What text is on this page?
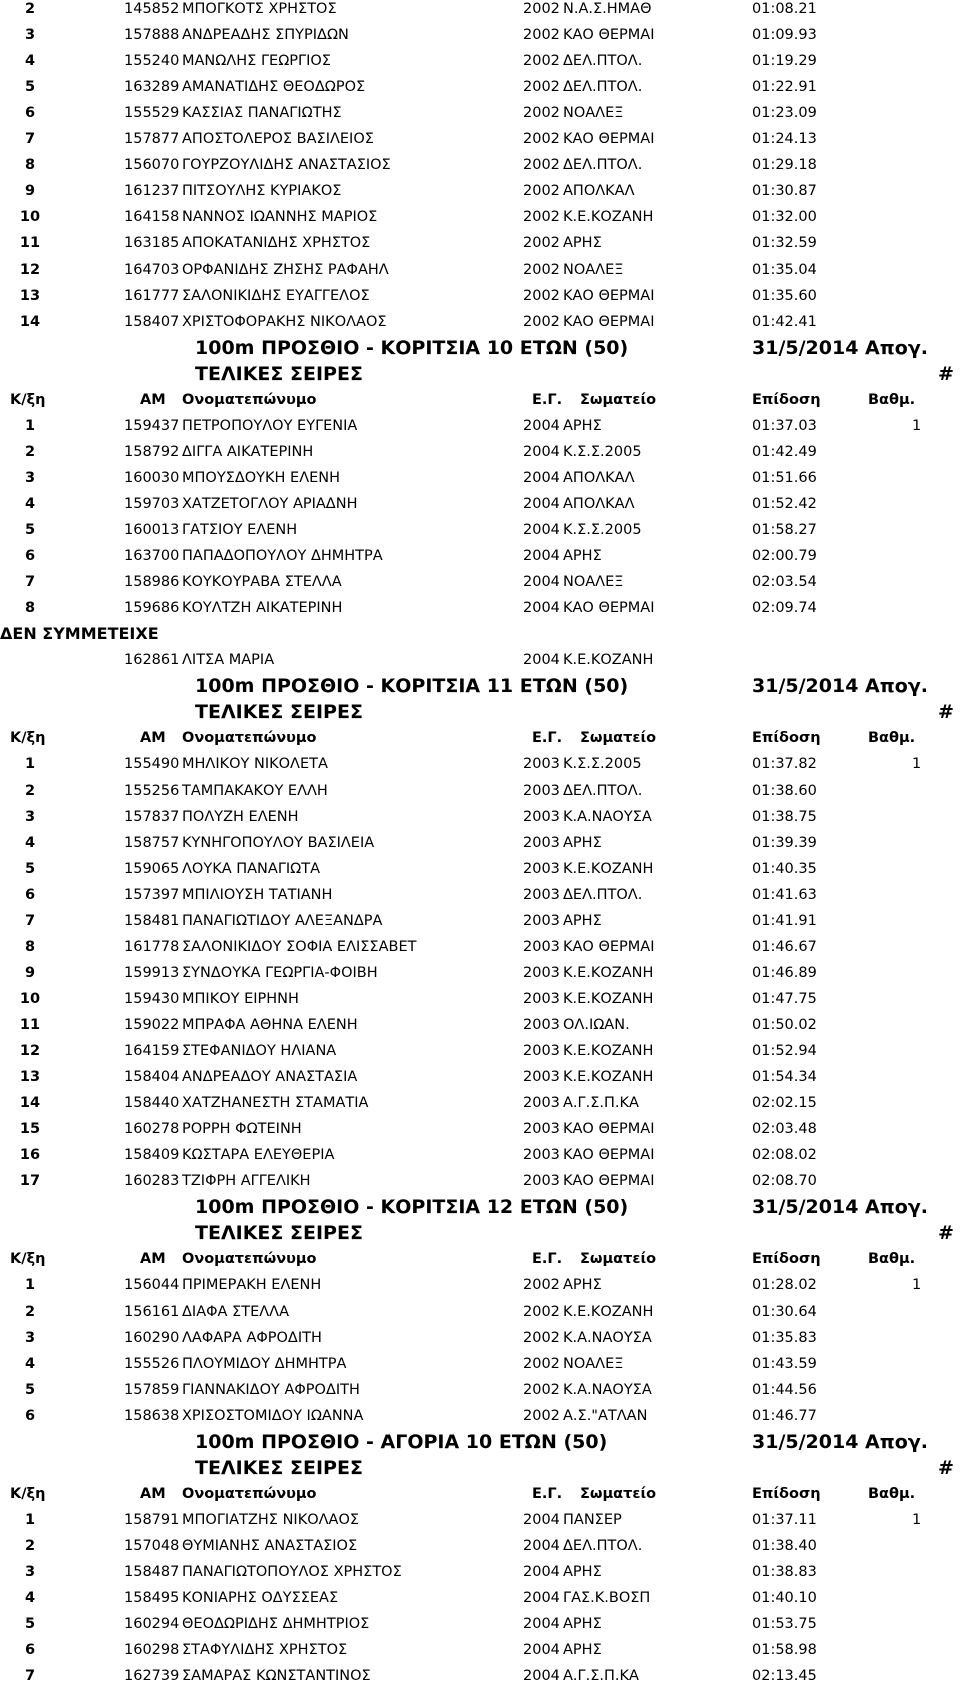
2	145852 ΜΠΟΓΚΟΤΣ ΧΡΗΣΤΟΣ	2002 Ν.Α.Σ.ΗΜΑΘ	01:08.21
3	157888 ΑΝΔΡΕΑΔΗΣ ΣΠΥΡΙΔΩΝ	2002 ΚΑΟ ΘΕΡΜΑΙ	01:09.93
4	155240 ΜΑΝΩΛΗΣ ΓΕΩΡΓΙΟΣ	2002 ΔΕΛ.ΠΤΟΛ.	01:19.29
5	163289 ΑΜΑΝΑΤΙΔΗΣ ΘΕΟΔΩΡΟΣ	2002 ΔΕΛ.ΠΤΟΛ.	01:22.91
6	155529 ΚΑΣΣΙΑΣ ΠΑΝΑΓΙΩΤΗΣ	2002 ΝΟΑΛΕΞ	01:23.09
7	157877 ΑΠΟΣΤΟΛΕΡΟΣ ΒΑΣΙΛΕΙΟΣ	2002 ΚΑΟ ΘΕΡΜΑΙ	01:24.13
8	156070 ΓΟΥΡΖΟΥΛΙΔΗΣ ΑΝΑΣΤΑΣΙΟΣ	2002 ΔΕΛ.ΠΤΟΛ.	01:29.18
9	161237 ΠΙΤΣΟΥΛΗΣ ΚΥΡΙΑΚΟΣ	2002 ΑΠΟΛΚΑΛ	01:30.87
10	164158 ΝΑΝΝΟΣ ΙΩΑΝΝΗΣ ΜΑΡΙΟΣ	2002 Κ.Ε.ΚΟΖΑΝΗ	01:32.00
11	163185 ΑΠΟΚΑΤΑΝΙΔΗΣ ΧΡΗΣΤΟΣ	2002 ΑΡΗΣ	01:32.59
12	164703 ΟΡΦΑΝΙΔΗΣ ΖΗΣΗΣ ΡΑΦΑΗΛ	2002 ΝΟΑΛΕΞ	01:35.04
13	161777 ΣΑΛΟΝΙΚΙΔΗΣ ΕΥΑΓΓΕΛΟΣ	2002 ΚΑΟ ΘΕΡΜΑΙ	01:35.60
14	158407 ΧΡΙΣΤΟΦΟΡΑΚΗΣ ΝΙΚΟΛΑΟΣ	2002 ΚΑΟ ΘΕΡΜΑΙ	01:42.41
100m ΠΡΟΣΘΙΟ - ΚΟΡΙΤΣΙΑ 10 ΕΤΩΝ (50)	31/5/2014 Απογ.
ΤΕΛΙΚΕΣ ΣΕΙΡΕΣ	#
Κ/ξη	ΑΜ Ονοματεπώνυμο	Ε.Γ. Σωματείο	Επίδοση	Βαθμ.
1	159437 ΠΕΤΡΟΠΟΥΛΟΥ ΕΥΓΕΝΙΑ	2004 ΑΡΗΣ	01:37.03	1
2	158792 ΔΙΓΓΑ ΑΙΚΑΤΕΡΙΝΗ	2004 Κ.Σ.Σ.2005	01:42.49
3	160030 ΜΠΟΥΣΔΟΥΚΗ ΕΛΕΝΗ	2004 ΑΠΟΛΚΑΛ	01:51.66
4	159703 ΧΑΤΖΕΤΟΓΛΟΥ ΑΡΙΑΔΝΗ	2004 ΑΠΟΛΚΑΛ	01:52.42
5	160013 ΓΑΤΣΙΟΥ ΕΛΕΝΗ	2004 Κ.Σ.Σ.2005	01:58.27
6	163700 ΠΑΠΑΔΟΠΟΥΛΟΥ ΔΗΜΗΤΡΑ	2004 ΑΡΗΣ	02:00.79
7	158986 ΚΟΥΚΟΥΡΑΒΑ ΣΤΕΛΛΑ	2004 ΝΟΑΛΕΞ	02:03.54
8	159686 ΚΟΥΛΤΖΗ ΑΙΚΑΤΕΡΙΝΗ	2004 ΚΑΟ ΘΕΡΜΑΙ	02:09.74
ΔΕΝ ΣΥΜΜΕΤΕΙΧΕ
162861 ΛΙΤΣΑ ΜΑΡΙΑ	2004 Κ.Ε.ΚΟΖΑΝΗ
100m ΠΡΟΣΘΙΟ - ΚΟΡΙΤΣΙΑ 11 ΕΤΩΝ (50)	31/5/2014 Απογ.
ΤΕΛΙΚΕΣ ΣΕΙΡΕΣ	#
Κ/ξη	ΑΜ Ονοματεπώνυμο	Ε.Γ. Σωματείο	Επίδοση	Βαθμ.
1	155490 ΜΗΛΙΚΟΥ ΝΙΚΟΛΕΤΑ	2003 Κ.Σ.Σ.2005	01:37.82	1
2	155256 ΤΑΜΠΑΚΑΚΟΥ ΕΛΛΗ	2003 ΔΕΛ.ΠΤΟΛ.	01:38.60
3	157837 ΠΟΛΥΖΗ ΕΛΕΝΗ	2003 Κ.Α.ΝΑΟΥΣΑ	01:38.75
4	158757 ΚΥΝΗΓΟΠΟΥΛΟΥ ΒΑΣΙΛΕΙΑ	2003 ΑΡΗΣ	01:39.39
5	159065 ΛΟΥΚΑ ΠΑΝΑΓΙΩΤΑ	2003 Κ.Ε.ΚΟΖΑΝΗ	01:40.35
6	157397 ΜΠΙΛΙΟΥΣΗ ΤΑΤΙΑΝΗ	2003 ΔΕΛ.ΠΤΟΛ.	01:41.63
7	158481 ΠΑΝΑΓΙΩΤΙΔΟΥ ΑΛΕΞΑΝΔΡΑ	2003 ΑΡΗΣ	01:41.91
8	161778 ΣΑΛΟΝΙΚΙΔΟΥ ΣΟΦΙΑ ΕΛΙΣΣΑΒΕΤ	2003 ΚΑΟ ΘΕΡΜΑΙ	01:46.67
9	159913 ΣΥΝΔΟΥΚΑ ΓΕΩΡΓΙΑ-ΦΟΙΒΗ	2003 Κ.Ε.ΚΟΖΑΝΗ	01:46.89
10	159430 ΜΠΙΚΟΥ ΕΙΡΗΝΗ	2003 Κ.Ε.ΚΟΖΑΝΗ	01:47.75
11	159022 ΜΠΡΑΦΑ ΑΘΗΝΑ ΕΛΕΝΗ	2003 ΟΛ.ΙΩΑΝ.	01:50.02
12	164159 ΣΤΕΦΑΝΙΔΟΥ ΗΛΙΑΝΑ	2003 Κ.Ε.ΚΟΖΑΝΗ	01:52.94
13	158404 ΑΝΔΡΕΑΔΟΥ ΑΝΑΣΤΑΣΙΑ	2003 Κ.Ε.ΚΟΖΑΝΗ	01:54.34
14	158440 ΧΑΤΖΗΑΝΕΣΤΗ ΣΤΑΜΑΤΙΑ	2003 Α.Γ.Σ.Π.ΚΑ	02:02.15
15	160278 ΡΟΡΡΗ ΦΩΤΕΙΝΗ	2003 ΚΑΟ ΘΕΡΜΑΙ	02:03.48
16	158409 ΚΩΣΤΑΡΑ ΕΛΕΥΘΕΡΙΑ	2003 ΚΑΟ ΘΕΡΜΑΙ	02:08.02
17	160283 ΤΖΙΦΡΗ ΑΓΓΕΛΙΚΗ	2003 ΚΑΟ ΘΕΡΜΑΙ	02:08.70
100m ΠΡΟΣΘΙΟ - ΚΟΡΙΤΣΙΑ 12 ΕΤΩΝ (50)	31/5/2014 Απογ.
ΤΕΛΙΚΕΣ ΣΕΙΡΕΣ	#
Κ/ξη	ΑΜ Ονοματεπώνυμο	Ε.Γ. Σωματείο	Επίδοση	Βαθμ.
1	156044 ΠΡΙΜΕΡΑΚΗ ΕΛΕΝΗ	2002 ΑΡΗΣ	01:28.02	1
2	156161 ΔΙΑΦΑ ΣΤΕΛΛΑ	2002 Κ.Ε.ΚΟΖΑΝΗ	01:30.64
3	160290 ΛΑΦΑΡΑ ΑΦΡΟΔΙΤΗ	2002 Κ.Α.ΝΑΟΥΣΑ	01:35.83
4	155526 ΠΛΟΥΜΙΔΟΥ ΔΗΜΗΤΡΑ	2002 ΝΟΑΛΕΞ	01:43.59
5	157859 ΓΙΑΝΝΑΚΙΔΟΥ ΑΦΡΟΔΙΤΗ	2002 Κ.Α.ΝΑΟΥΣΑ	01:44.56
6	158638 ΧΡΙΣΟΣΤΟΜΙΔΟΥ ΙΩΑΝΝΑ	2002 Α.Σ."ΑΤΛΑΝ	01:46.77
100m ΠΡΟΣΘΙΟ - ΑΓΟΡΙΑ 10 ΕΤΩΝ (50)	31/5/2014 Απογ.
ΤΕΛΙΚΕΣ ΣΕΙΡΕΣ	#
Κ/ξη	ΑΜ Ονοματεπώνυμο	Ε.Γ. Σωματείο	Επίδοση	Βαθμ.
1	158791 ΜΠΟΓΙΑΤΖΗΣ ΝΙΚΟΛΑΟΣ	2004 ΠΑΝΣΕΡ	01:37.11	1
2	157048 ΘΥΜΙΑΝΗΣ ΑΝΑΣΤΑΣΙΟΣ	2004 ΔΕΛ.ΠΤΟΛ.	01:38.40
3	158487 ΠΑΝΑΓΙΩΤΟΠΟΥΛΟΣ ΧΡΗΣΤΟΣ	2004 ΑΡΗΣ	01:38.83
4	158495 ΚΟΝΙΑΡΗΣ ΟΔΥΣΣΕΑΣ	2004 ΓΑΣ.Κ.ΒΟΣΠ	01:40.10
5	160294 ΘΕΟΔΩΡΙΔΗΣ ΔΗΜΗΤΡΙΟΣ	2004 ΑΡΗΣ	01:53.75
6	160298 ΣΤΑΦΥΛΙΔΗΣ ΧΡΗΣΤΟΣ	2004 ΑΡΗΣ	01:58.98
7	162739 ΣΑΜΑΡΑΣ ΚΩΝΣΤΑΝΤΙΝΟΣ	2004 Α.Γ.Σ.Π.ΚΑ	02:13.45
